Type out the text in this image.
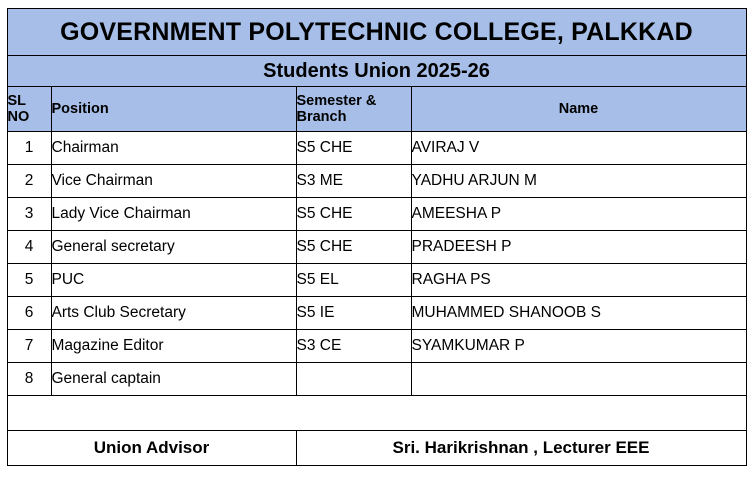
GOVERNMENT POLYTECHNIC COLLEGE, PALKKAD			
Students Union 2025-26			
SL NO	Position	Semester & Branch	Name
1	Chairman	S5 CHE	AVIRAJ V
2	Vice Chairman	S3 ME	YADHU ARJUN M
3	Lady Vice Chairman	S5 CHE	AMEESHA P
4	General secretary	S5 CHE	PRADEESH P
5	PUC	S5 EL	RAGHA PS
6	Arts Club Secretary	S5 IE	MUHAMMED SHANOOB S
7	Magazine Editor	S3 CE	SYAMKUMAR P
8	General captain		

Union Advisor		Sri. Harikrishnan , Lecturer EEE	
